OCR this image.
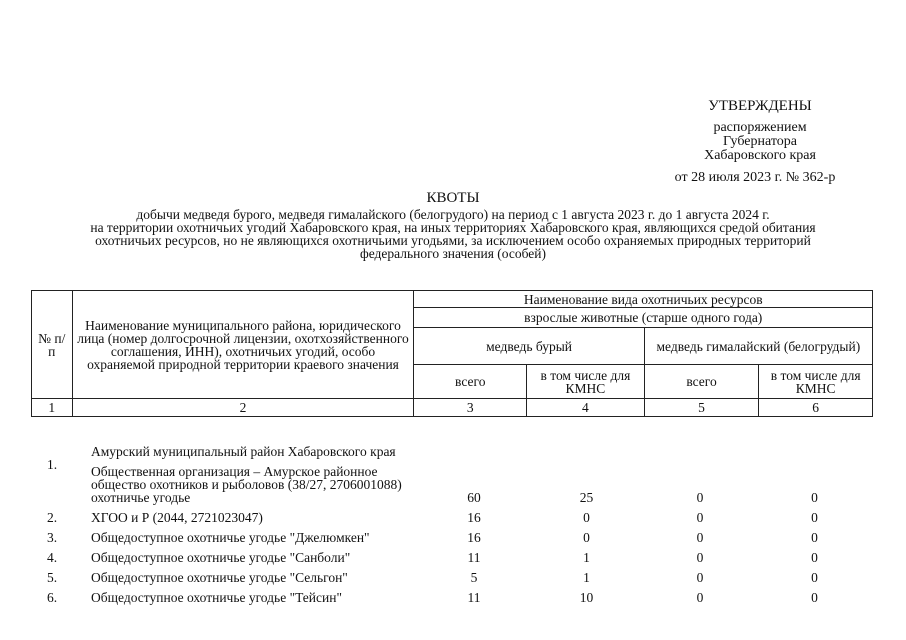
УТВЕРЖДЕНЫ
распоряжением
Губернатора
Хабаровского края
от 28 июля 2023 г. № 362-р
КВОТЫ
добычи медведя бурого, медведя гималайского (белогрудого) на период с 1 августа 2023 г. до 1 августа 2024 г.
на территории охотничьих угодий Хабаровского края, на иных территориях Хабаровского края, являющихся средой обитания
охотничьих ресурсов, но не являющихся охотничьими угодьями, за исключением особо охраняемых природных территорий
федерального значения (особей)
№ п/п	Наименование муниципального района, юридического лица (номер долгосрочной лицензии, охотхозяйственного соглашения, ИНН), охотничьих угодий, особо охраняемой природной территории краевого значения	Наименование вида охотничьих ресурсов			
		взрослые животные (старше одного года)			
		медведь бурый		медведь гималайский (белогрудый)	
		всего	в том числе для КМНС	всего	в том числе для КМНС
1	2	3	4	5	6
	Амурский муниципальный район Хабаровского края				
1.	Общественная организация – Амурское районное общество охотников и рыболовов (38/27, 2706001088) охотничье угодье	60	25	0	0
2.	ХГОО и Р (2044, 2721023047)	16	0	0	0
3.	Общедоступное охотничье угодье "Джелюмкен"	16	0	0	0
4.	Общедоступное охотничье угодье "Санболи"	11	1	0	0
5.	Общедоступное охотничье угодье "Сельгон"	5	1	0	0
6.	Общедоступное охотничье угодье "Тейсин"	11	10	0	0
